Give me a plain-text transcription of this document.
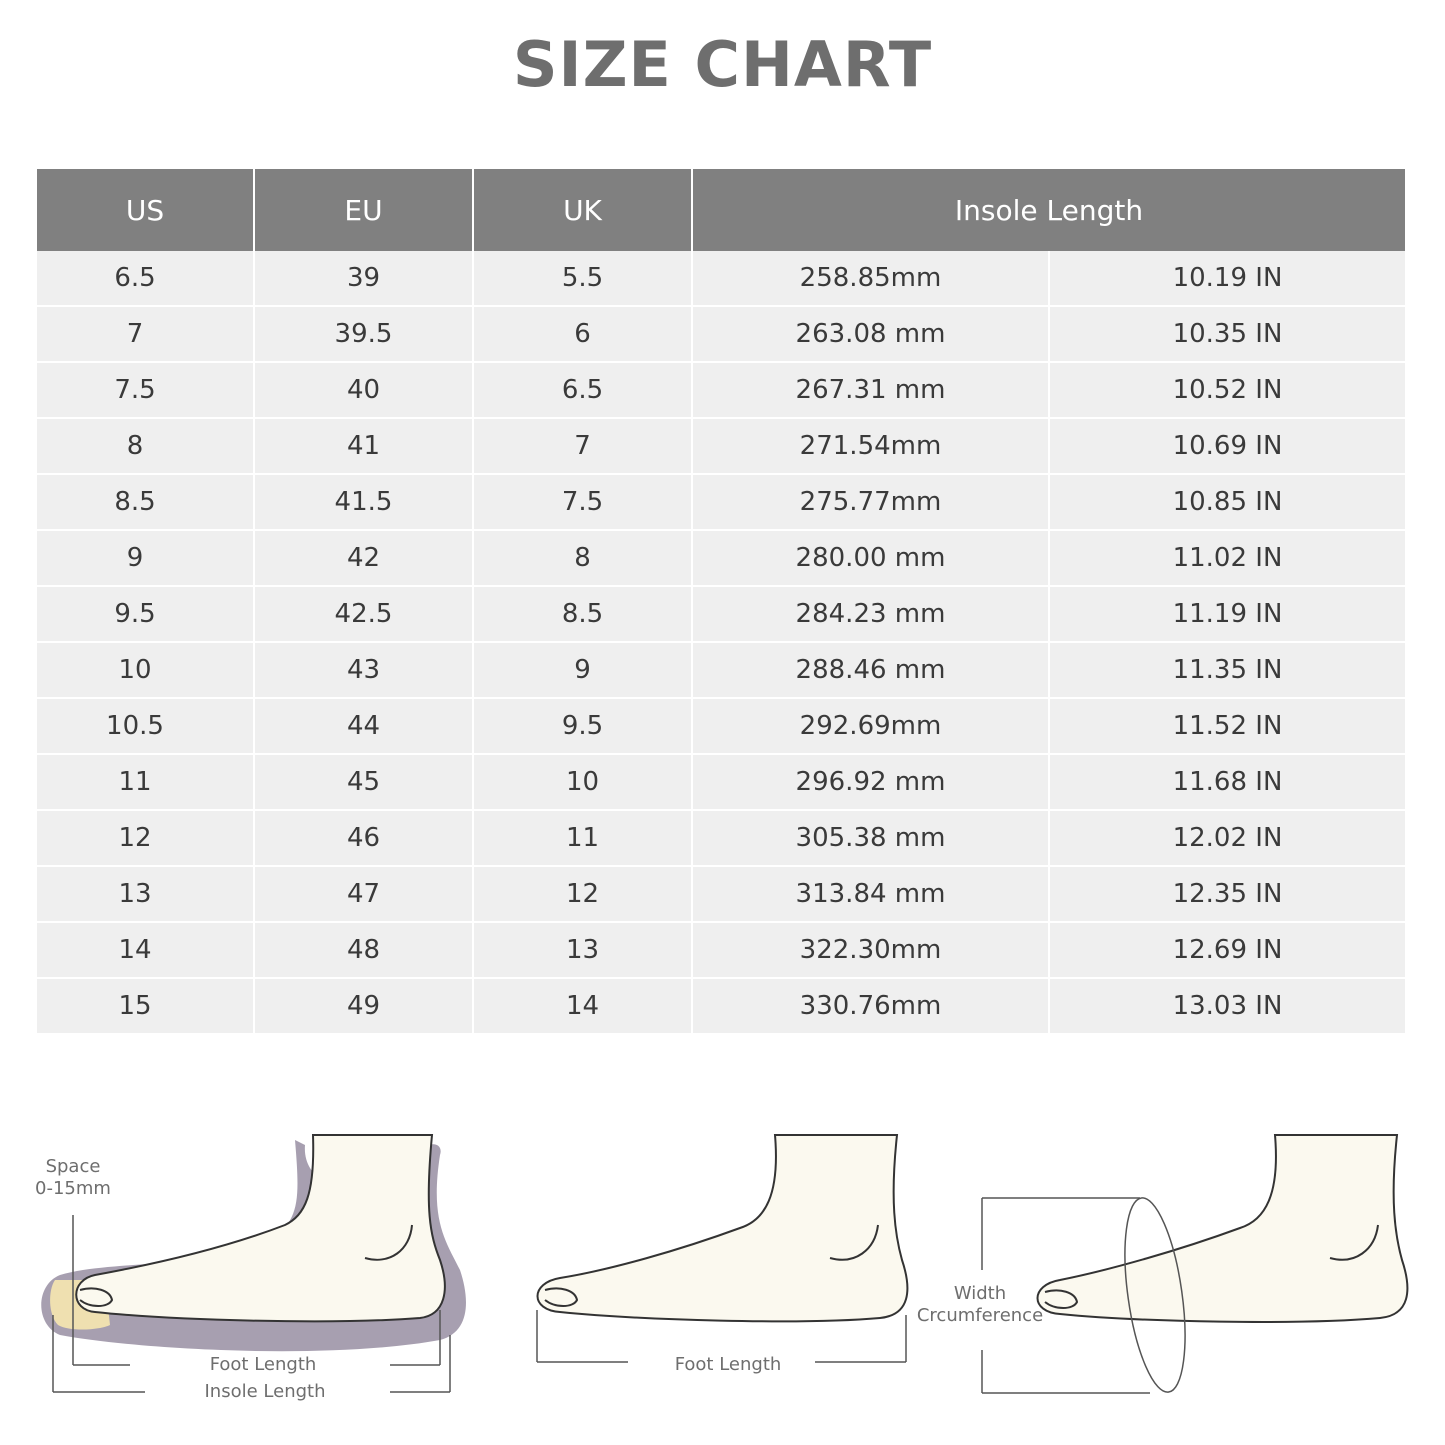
SIZE CHART
US	EU	UK	Insole Length	
6.5	39	5.5	258.85mm	10.19 IN
7	39.5	6	263.08 mm	10.35 IN
7.5	40	6.5	267.31 mm	10.52 IN
8	41	7	271.54mm	10.69 IN
8.5	41.5	7.5	275.77mm	10.85 IN
9	42	8	280.00 mm	11.02 IN
9.5	42.5	8.5	284.23 mm	11.19 IN
10	43	9	288.46 mm	11.35 IN
10.5	44	9.5	292.69mm	11.52 IN
11	45	10	296.92 mm	11.68 IN
12	46	11	305.38 mm	12.02 IN
13	47	12	313.84 mm	12.35 IN
14	48	13	322.30mm	12.69 IN
15	49	14	330.76mm	13.03 IN
Space
0-15mm
Foot Length
Insole Length
Foot Length
Width
Crcumference
